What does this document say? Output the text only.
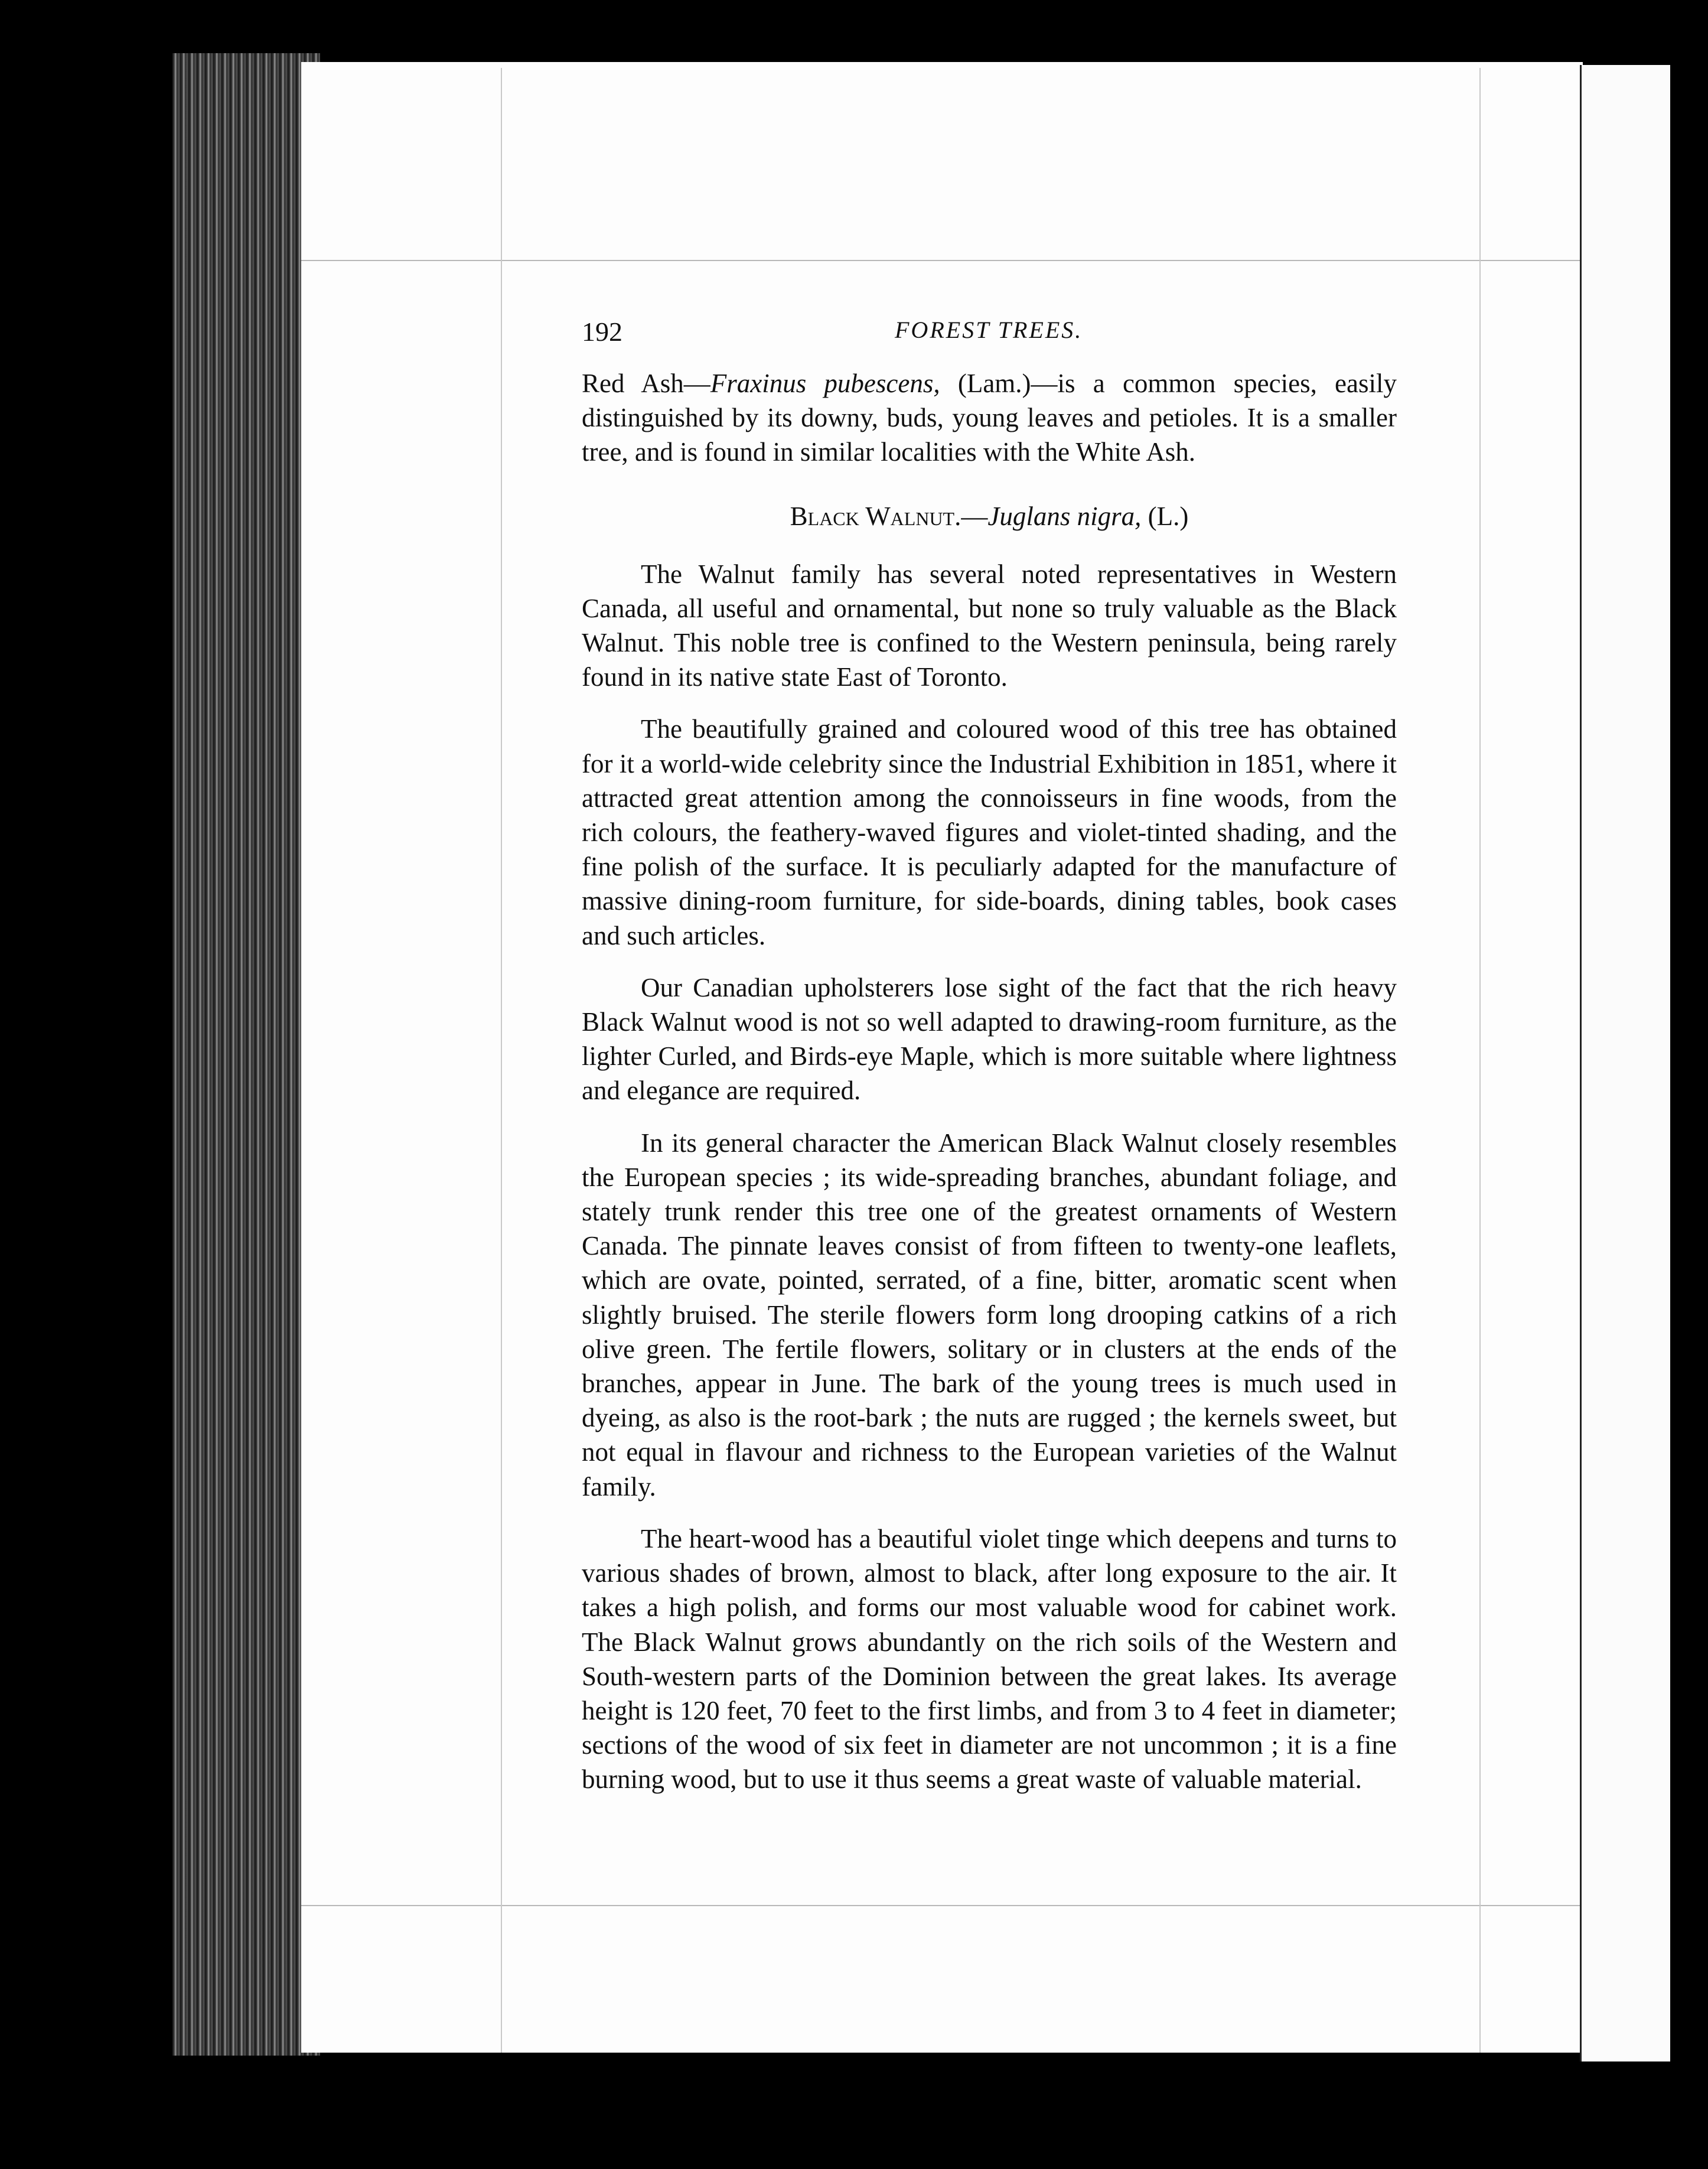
192	FOREST TREES.

Red Ash—Fraxinus pubescens, (Lam.)—is a common species, easily distinguished by its downy, buds, young leaves and petioles. It is a smaller tree, and is found in similar localities with the White Ash.

Black Walnut.—Juglans nigra, (L.)

The Walnut family has several noted representatives in Western Canada, all useful and ornamental, but none so truly valuable as the Black Walnut. This noble tree is confined to the Western peninsula, being rarely found in its native state East of Toronto.

The beautifully grained and coloured wood of this tree has obtained for it a world-wide celebrity since the Industrial Exhibition in 1851, where it attracted great attention among the connoisseurs in fine woods, from the rich colours, the feathery-waved figures and violet-tinted shading, and the fine polish of the surface. It is peculiarly adapted for the manufacture of massive dining-room furniture, for side-boards, dining tables, book cases and such articles.

Our Canadian upholsterers lose sight of the fact that the rich heavy Black Walnut wood is not so well adapted to drawing-room furniture, as the lighter Curled, and Birds-eye Maple, which is more suitable where lightness and elegance are required.

In its general character the American Black Walnut closely resembles the European species ; its wide-spreading branches, abundant foliage, and stately trunk render this tree one of the greatest ornaments of Western Canada. The pinnate leaves consist of from fifteen to twenty-one leaflets, which are ovate, pointed, serrated, of a fine, bitter, aromatic scent when slightly bruised. The sterile flowers form long drooping catkins of a rich olive green. The fertile flowers, solitary or in clusters at the ends of the branches, appear in June. The bark of the young trees is much used in dyeing, as also is the root-bark ; the nuts are rugged ; the kernels sweet, but not equal in flavour and richness to the European varieties of the Walnut family.

The heart-wood has a beautiful violet tinge which deepens and turns to various shades of brown, almost to black, after long exposure to the air. It takes a high polish, and forms our most valuable wood for cabinet work. The Black Walnut grows abundantly on the rich soils of the Western and South-western parts of the Dominion between the great lakes. Its average height is 120 feet, 70 feet to the first limbs, and from 3 to 4 feet in diameter; sections of the wood of six feet in diameter are not uncommon ; it is a fine burning wood, but to use it thus seems a great waste of valuable material.
